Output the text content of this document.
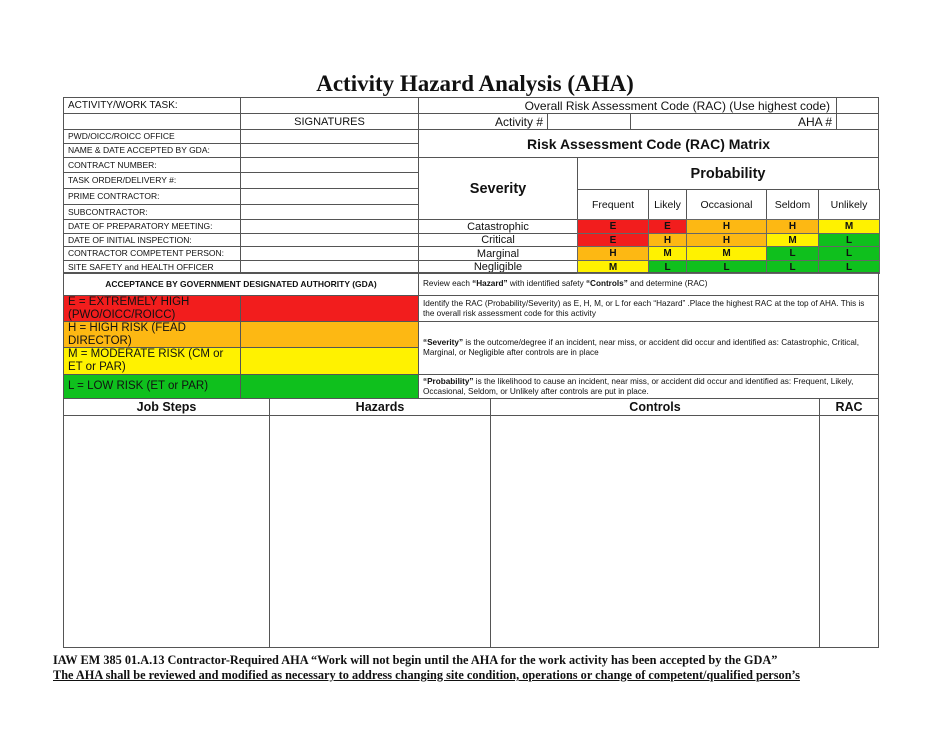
Activity Hazard Analysis (AHA)
ACTIVITY/WORK TASK:	Overall Risk Assessment Code (RAC) (Use highest code)
SIGNATURES	Activity #	AHA #
PWD/OICC/ROICC OFFICE
NAME & DATE ACCEPTED BY GDA:
CONTRACT NUMBER:
TASK ORDER/DELIVERY #:
PRIME CONTRACTOR:
SUBCONTRACTOR:
DATE OF PREPARATORY MEETING:
DATE OF INITIAL INSPECTION:
CONTRACTOR COMPETENT PERSON:
SITE SAFETY and HEALTH OFFICER
Risk Assessment Code (RAC) Matrix
Severity
Probability
Frequent	Likely	Occasional	Seldom	Unlikely
Catastrophic	E	E	H	H	M
Critical	E	H	H	M	L
Marginal	H	M	M	L	L
Negligible	M	L	L	L	L
ACCEPTANCE BY GOVERNMENT DESIGNATED AUTHORITY (GDA)
E = EXTREMELY HIGH (PWO/OICC/ROICC)
H = HIGH RISK (FEAD DIRECTOR)
M = MODERATE RISK (CM or ET or PAR)
L = LOW RISK (ET or PAR)
Review each “Hazard” with identified safety “Controls” and determine (RAC)
Identify the RAC (Probability/Severity) as E, H, M, or L for each “Hazard” .Place the highest RAC at the top of AHA. This is the overall risk assessment code for this activity
“Severity” is the outcome/degree if an incident, near miss, or accident did occur and identified as: Catastrophic, Critical, Marginal, or Negligible after controls are in place
“Probability” is the likelihood to cause an incident, near miss, or accident did occur and identified as: Frequent, Likely, Occasional, Seldom, or Unlikely after controls are put in place.
Job Steps	Hazards	Controls	RAC
IAW EM 385 01.A.13 Contractor-Required AHA “Work will not begin until the AHA for the work activity has been accepted by the GDA”
The AHA shall be reviewed and modified as necessary to address changing site condition, operations or change of competent/qualified person’s
